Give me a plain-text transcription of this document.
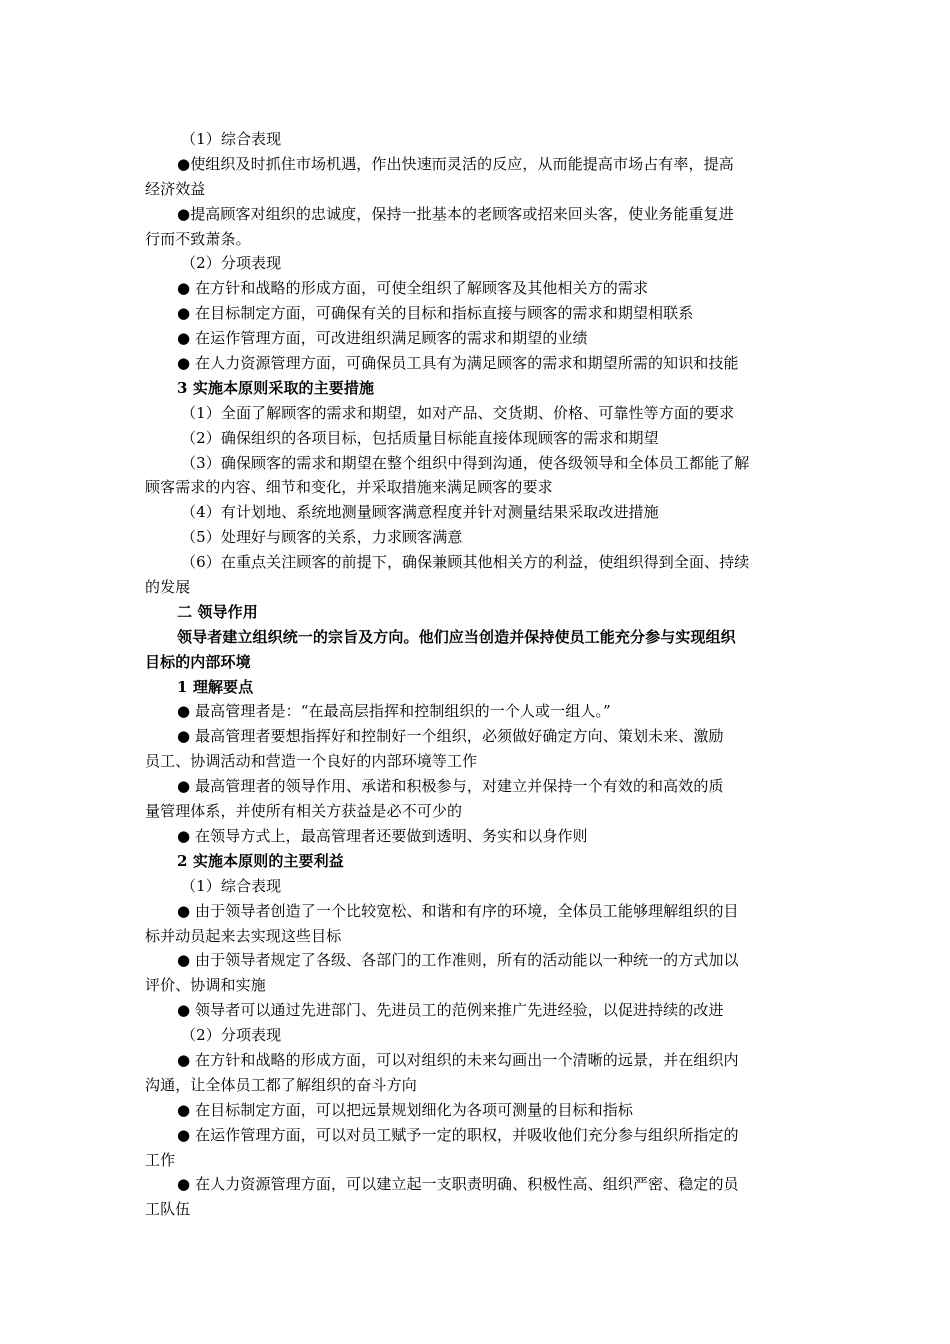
（1）综合表现
●使组织及时抓住市场机遇，作出快速而灵活的反应，从而能提高市场占有率，提高
经济效益
●提高顾客对组织的忠诚度，保持一批基本的老顾客或招来回头客，使业务能重复进
行而不致萧条。
（2）分项表现
● 在方针和战略的形成方面，可使全组织了解顾客及其他相关方的需求
● 在目标制定方面，可确保有关的目标和指标直接与顾客的需求和期望相联系
● 在运作管理方面，可改进组织满足顾客的需求和期望的业绩
● 在人力资源管理方面，可确保员工具有为满足顾客的需求和期望所需的知识和技能
3 实施本原则采取的主要措施
（1）全面了解顾客的需求和期望，如对产品、交货期、价格、可靠性等方面的要求
（2）确保组织的各项目标，包括质量目标能直接体现顾客的需求和期望
（3）确保顾客的需求和期望在整个组织中得到沟通，使各级领导和全体员工都能了解
顾客需求的内容、细节和变化，并采取措施来满足顾客的要求
（4）有计划地、系统地测量顾客满意程度并针对测量结果采取改进措施
（5）处理好与顾客的关系，力求顾客满意
（6）在重点关注顾客的前提下，确保兼顾其他相关方的利益，使组织得到全面、持续
的发展
二 领导作用
领导者建立组织统一的宗旨及方向。他们应当创造并保持使员工能充分参与实现组织
目标的内部环境
1 理解要点
● 最高管理者是：“在最高层指挥和控制组织的一个人或一组人。”
● 最高管理者要想指挥好和控制好一个组织，必须做好确定方向、策划未来、激励
员工、协调活动和营造一个良好的内部环境等工作
● 最高管理者的领导作用、承诺和积极参与，对建立并保持一个有效的和高效的质
量管理体系，并使所有相关方获益是必不可少的
● 在领导方式上，最高管理者还要做到透明、务实和以身作则
2 实施本原则的主要利益
（1）综合表现
● 由于领导者创造了一个比较宽松、和谐和有序的环境，全体员工能够理解组织的目
标并动员起来去实现这些目标
● 由于领导者规定了各级、各部门的工作准则，所有的活动能以一种统一的方式加以
评价、协调和实施
● 领导者可以通过先进部门、先进员工的范例来推广先进经验，以促进持续的改进
（2）分项表现
● 在方针和战略的形成方面，可以对组织的未来勾画出一个清晰的远景，并在组织内
沟通，让全体员工都了解组织的奋斗方向
● 在目标制定方面，可以把远景规划细化为各项可测量的目标和指标
● 在运作管理方面，可以对员工赋予一定的职权，并吸收他们充分参与组织所指定的
工作
● 在人力资源管理方面，可以建立起一支职责明确、积极性高、组织严密、稳定的员
工队伍
